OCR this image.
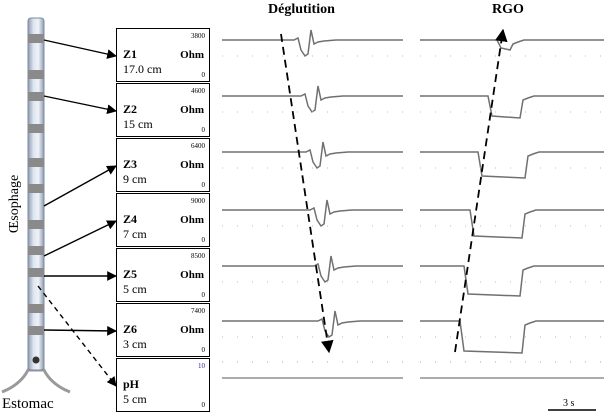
Œsophage
Estomac
Déglutition	RGO
3 s
3800
Z1	Ohm
17.0 cm	0
4600
Z2	Ohm
15 cm	0
6400
Z3	Ohm
9 cm	0
9000
Z4	Ohm
7 cm	0
8500
Z5	Ohm
5 cm	0
7400
Z6	Ohm
3 cm	0
10
pH
5 cm	0
